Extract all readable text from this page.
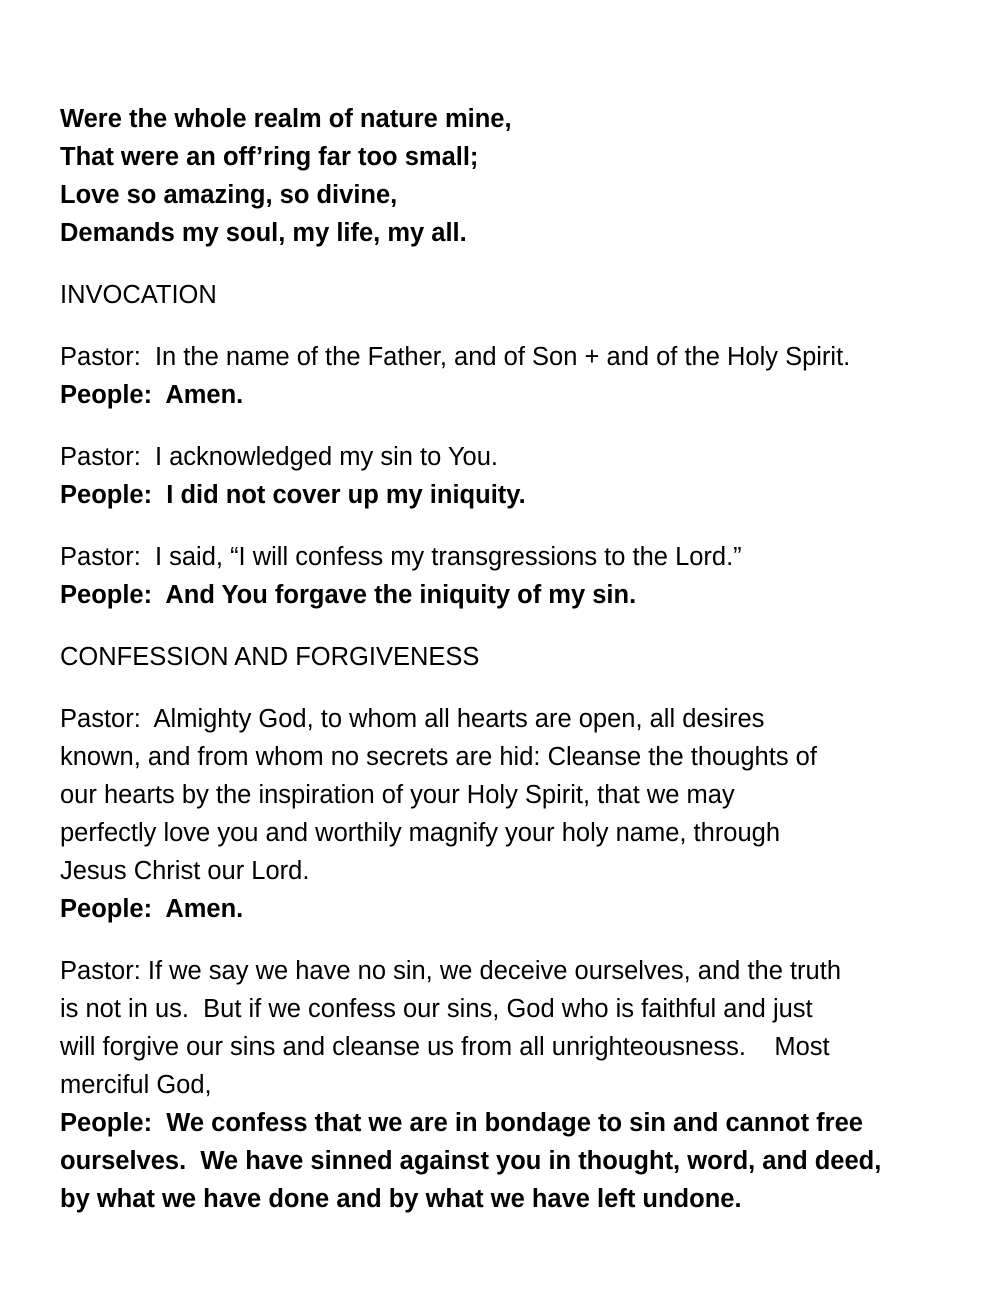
Were the whole realm of nature mine,
That were an off’ring far too small;
Love so amazing, so divine,
Demands my soul, my life, my all.
INVOCATION
Pastor:  In the name of the Father, and of Son + and of the Holy Spirit.
People:  Amen.
Pastor:  I acknowledged my sin to You.
People:  I did not cover up my iniquity.
Pastor:  I said, “I will confess my transgressions to the Lord.”
People:  And You forgave the iniquity of my sin.
CONFESSION AND FORGIVENESS
Pastor:  Almighty God, to whom all hearts are open, all desires
known, and from whom no secrets are hid: Cleanse the thoughts of
our hearts by the inspiration of your Holy Spirit, that we may
perfectly love you and worthily magnify your holy name, through
Jesus Christ our Lord.
People:  Amen.
Pastor: If we say we have no sin, we deceive ourselves, and the truth
is not in us.  But if we confess our sins, God who is faithful and just
will forgive our sins and cleanse us from all unrighteousness.    Most
merciful God,
People:  We confess that we are in bondage to sin and cannot free
ourselves.  We have sinned against you in thought, word, and deed,
by what we have done and by what we have left undone.
